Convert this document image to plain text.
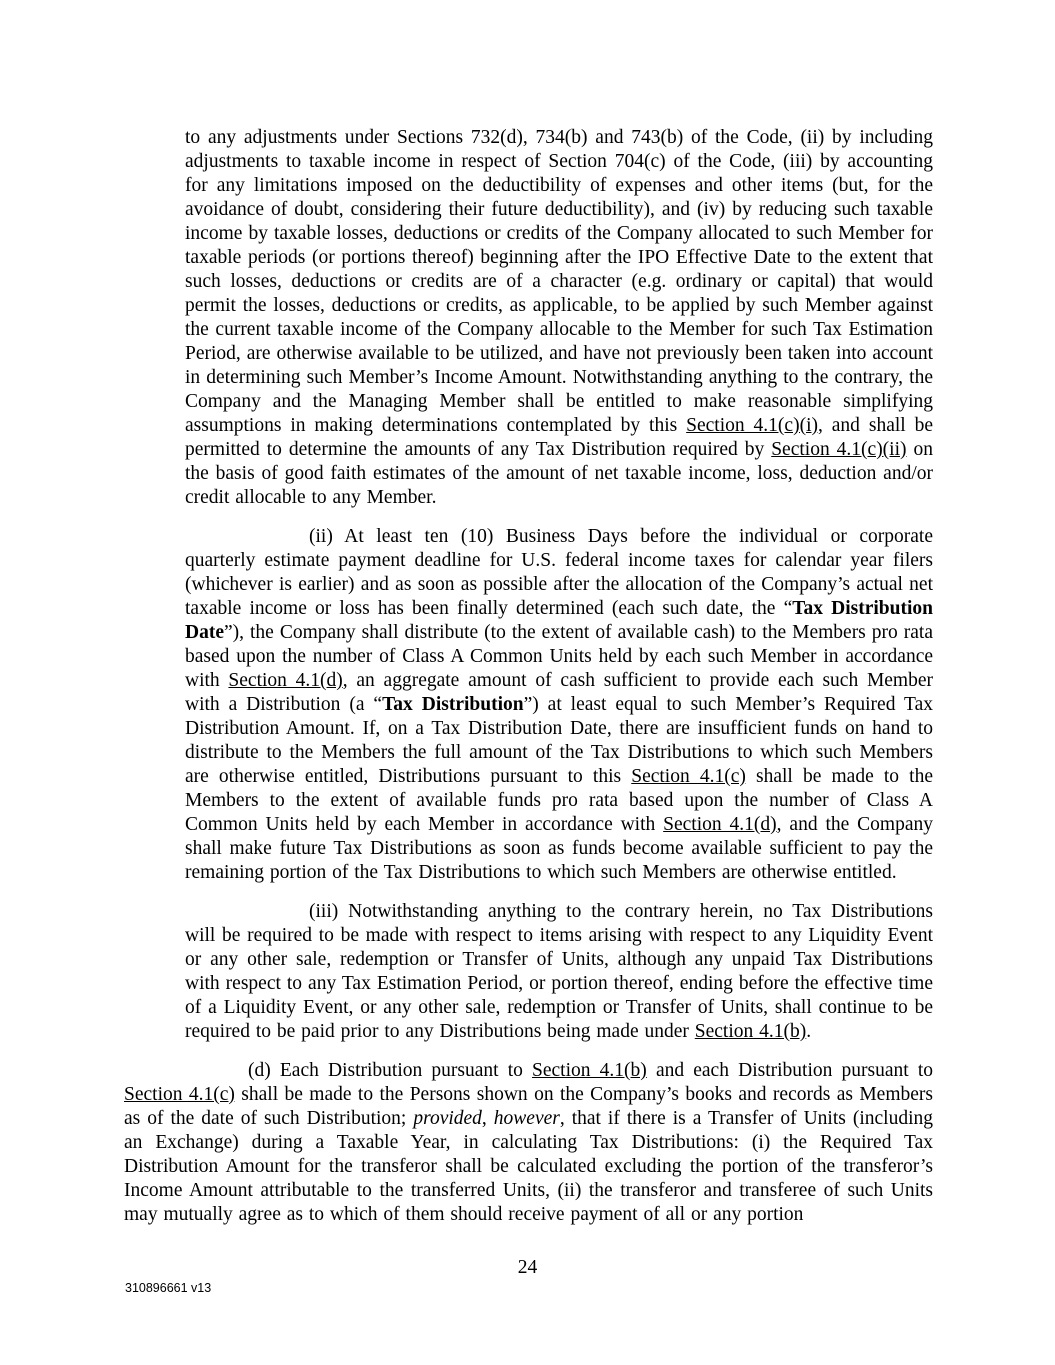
to any adjustments under Sections 732(d), 734(b) and 743(b) of the Code, (ii) by including adjustments to taxable income in respect of Section 704(c) of the Code, (iii) by accounting for any limitations imposed on the deductibility of expenses and other items (but, for the avoidance of doubt, considering their future deductibility), and (iv) by reducing such taxable income by taxable losses, deductions or credits of the Company allocated to such Member for taxable periods (or portions thereof) beginning after the IPO Effective Date to the extent that such losses, deductions or credits are of a character (e.g. ordinary or capital) that would permit the losses, deductions or credits, as applicable, to be applied by such Member against the current taxable income of the Company allocable to the Member for such Tax Estimation Period, are otherwise available to be utilized, and have not previously been taken into account in determining such Member’s Income Amount. Notwithstanding anything to the contrary, the Company and the Managing Member shall be entitled to make reasonable simplifying assumptions in making determinations contemplated by this Section 4.1(c)(i), and shall be permitted to determine the amounts of any Tax Distribution required by Section 4.1(c)(ii) on the basis of good faith estimates of the amount of net taxable income, loss, deduction and/or credit allocable to any Member.

(ii) At least ten (10) Business Days before the individual or corporate quarterly estimate payment deadline for U.S. federal income taxes for calendar year filers (whichever is earlier) and as soon as possible after the allocation of the Company’s actual net taxable income or loss has been finally determined (each such date, the “Tax Distribution Date”), the Company shall distribute (to the extent of available cash) to the Members pro rata based upon the number of Class A Common Units held by each such Member in accordance with Section 4.1(d), an aggregate amount of cash sufficient to provide each such Member with a Distribution (a “Tax Distribution”) at least equal to such Member’s Required Tax Distribution Amount. If, on a Tax Distribution Date, there are insufficient funds on hand to distribute to the Members the full amount of the Tax Distributions to which such Members are otherwise entitled, Distributions pursuant to this Section 4.1(c) shall be made to the Members to the extent of available funds pro rata based upon the number of Class A Common Units held by each Member in accordance with Section 4.1(d), and the Company shall make future Tax Distributions as soon as funds become available sufficient to pay the remaining portion of the Tax Distributions to which such Members are otherwise entitled.

(iii) Notwithstanding anything to the contrary herein, no Tax Distributions will be required to be made with respect to items arising with respect to any Liquidity Event or any other sale, redemption or Transfer of Units, although any unpaid Tax Distributions with respect to any Tax Estimation Period, or portion thereof, ending before the effective time of a Liquidity Event, or any other sale, redemption or Transfer of Units, shall continue to be required to be paid prior to any Distributions being made under Section 4.1(b).

(d) Each Distribution pursuant to Section 4.1(b) and each Distribution pursuant to Section 4.1(c) shall be made to the Persons shown on the Company’s books and records as Members as of the date of such Distribution; provided, however, that if there is a Transfer of Units (including an Exchange) during a Taxable Year, in calculating Tax Distributions: (i) the Required Tax Distribution Amount for the transferor shall be calculated excluding the portion of the transferor’s Income Amount attributable to the transferred Units, (ii) the transferor and transferee of such Units may mutually agree as to which of them should receive payment of all or any portion

24
310896661 v13
